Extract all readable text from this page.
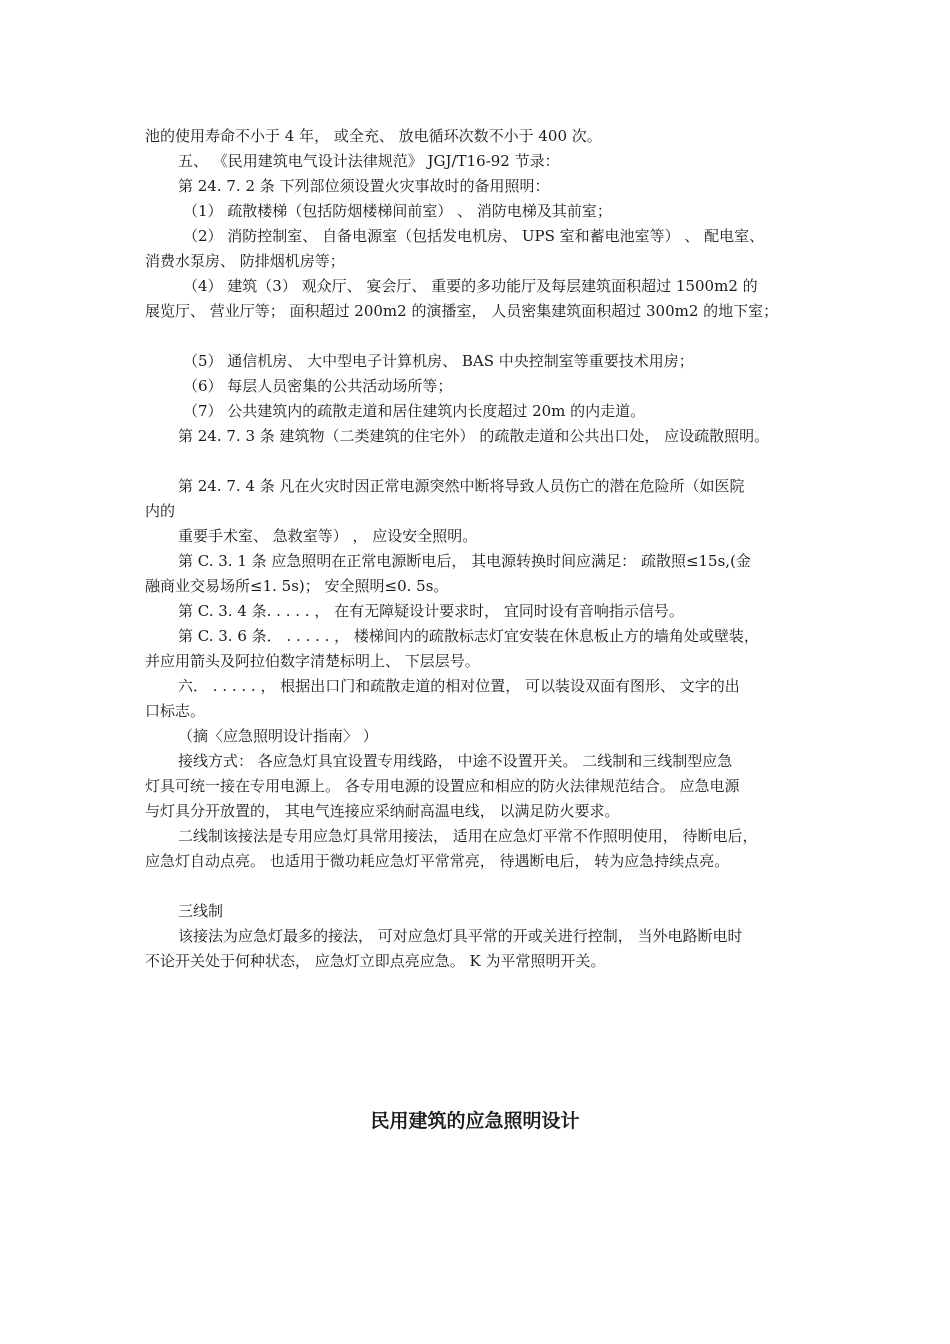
池的使用寿命不小于 4 年， 或全充、 放电循环次数不小于 400 次。
五、 《民用建筑电气设计法律规范》 JGJ/T16-92 节录：
第 24. 7. 2 条 下列部位须设置火灾事故时的备用照明：
（1） 疏散楼梯（包括防烟楼梯间前室） 、 消防电梯及其前室；
（2） 消防控制室、 自备电源室（包括发电机房、 UPS 室和蓄电池室等） 、 配电室、
消费水泵房、 防排烟机房等；
（4） 建筑（3） 观众厅、 宴会厅、 重要的多功能厅及每层建筑面积超过 1500m2 的
展览厅、 营业厅等； 面积超过 200m2 的演播室， 人员密集建筑面积超过 300m2 的地下室；
（5） 通信机房、 大中型电子计算机房、 BAS 中央控制室等重要技术用房；
（6） 每层人员密集的公共活动场所等；
（7） 公共建筑内的疏散走道和居住建筑内长度超过 20m 的内走道。
第 24. 7. 3 条 建筑物（二类建筑的住宅外） 的疏散走道和公共出口处， 应设疏散照明。
第 24. 7. 4 条 凡在火灾时因正常电源突然中断将导致人员伤亡的潜在危险所（如医院
内的
重要手术室、 急救室等） ， 应设安全照明。
第 C. 3. 1 条 应急照明在正常电源断电后， 其电源转换时间应满足： 疏散照≤15s,(金
融商业交易场所≤1. 5s)； 安全照明≤0. 5s。
第 C. 3. 4 条. . . . . ， 在有无障疑设计要求时， 宜同时设有音响指示信号。
第 C. 3. 6 条． . . . . . ， 楼梯间内的疏散标志灯宜安装在休息板止方的墙角处或壁装，
并应用箭头及阿拉伯数字清楚标明上、 下层层号。
六． . . . . . ， 根据出口门和疏散走道的相对位置， 可以装设双面有图形、 文字的出
口标志。
（摘〈应急照明设计指南〉 ）
接线方式： 各应急灯具宜设置专用线路， 中途不设置开关。 二线制和三线制型应急
灯具可统一接在专用电源上。 各专用电源的设置应和相应的防火法律规范结合。 应急电源
与灯具分开放置的， 其电气连接应采纳耐高温电线， 以满足防火要求。
二线制该接法是专用应急灯具常用接法， 适用在应急灯平常不作照明使用， 待断电后，
应急灯自动点亮。 也适用于微功耗应急灯平常常亮， 待遇断电后， 转为应急持续点亮。
三线制
该接法为应急灯最多的接法， 可对应急灯具平常的开或关进行控制， 当外电路断电时
不论开关处于何种状态， 应急灯立即点亮应急。 K 为平常照明开关。
民用建筑的应急照明设计
